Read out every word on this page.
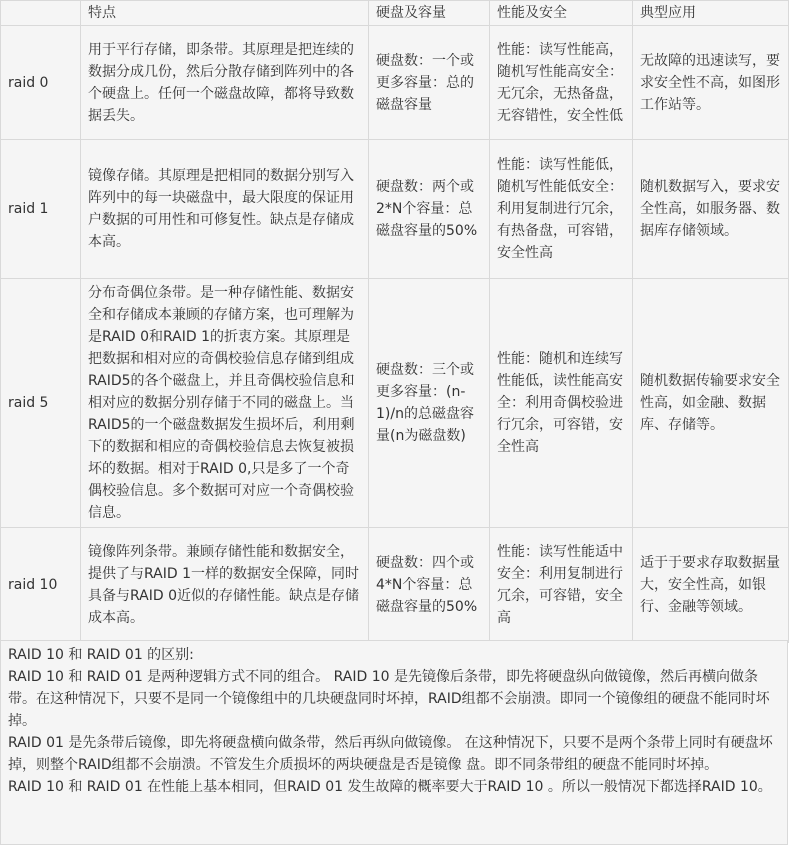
	特点	硬盘及容量	性能及安全	典型应用
raid 0	用于平行存储，即条带。其原理是把连续的数据分成几份，然后分散存储到阵列中的各个硬盘上。任何一个磁盘故障，都将导致数据丢失。	硬盘数：一个或更多容量：总的磁盘容量	性能：读写性能高，随机写性能高安全：无冗余，无热备盘，无容错性，安全性低	无故障的迅速读写，要求安全性不高，如图形工作站等。
raid 1	镜像存储。其原理是把相同的数据分别写入阵列中的每一块磁盘中，最大限度的保证用户数据的可用性和可修复性。缺点是存储成本高。	硬盘数：两个或2*N个容量：总磁盘容量的50%	性能：读写性能低，随机写性能低安全：利用复制进行冗余，有热备盘，可容错，安全性高	随机数据写入，要求安全性高，如服务器、数据库存储领域。
raid 5	分布奇偶位条带。是一种存储性能、数据安全和存储成本兼顾的存储方案，也可理解为是RAID 0和RAID 1的折衷方案。其原理是把数据和相对应的奇偶校验信息存储到组成RAID5的各个磁盘上，并且奇偶校验信息和相对应的数据分别存储于不同的磁盘上。当RAID5的一个磁盘数据发生损坏后，利用剩下的数据和相应的奇偶校验信息去恢复被损坏的数据。相对于RAID 0,只是多了一个奇偶校验信息。多个数据可对应一个奇偶校验信息。	硬盘数：三个或更多容量：(n-1)/n的总磁盘容量(n为磁盘数)	性能：随机和连续写性能低，读性能高安全：利用奇偶校验进行冗余，可容错，安全性高	随机数据传输要求安全性高，如金融、数据库、存储等。
raid 10	镜像阵列条带。兼顾存储性能和数据安全，提供了与RAID 1一样的数据安全保障，同时具备与RAID 0近似的存储性能。缺点是存储成本高。	硬盘数：四个或4*N个容量：总磁盘容量的50%	性能：读写性能适中安全：利用复制进行冗余，可容错，安全高	适于于要求存取数据量大，安全性高，如银行、金融等领域。
RAID 10 和 RAID 01 的区别:
RAID 10 和 RAID 01 是两种逻辑方式不同的组合。 RAID 10 是先镜像后条带，即先将硬盘纵向做镜像，然后再横向做条带。在这种情况下，只要不是同一个镜像组中的几块硬盘同时坏掉，RAID组都不会崩溃。即同一个镜像组的硬盘不能同时坏掉。
RAID 01 是先条带后镜像，即先将硬盘横向做条带，然后再纵向做镜像。 在这种情况下，只要不是两个条带上同时有硬盘坏掉，则整个RAID组都不会崩溃。不管发生介质损坏的两块硬盘是否是镜像 盘。即不同条带组的硬盘不能同时坏掉。
RAID 10 和 RAID 01 在性能上基本相同，但RAID 01 发生故障的概率要大于RAID 10 。所以一般情况下都选择RAID 10。
